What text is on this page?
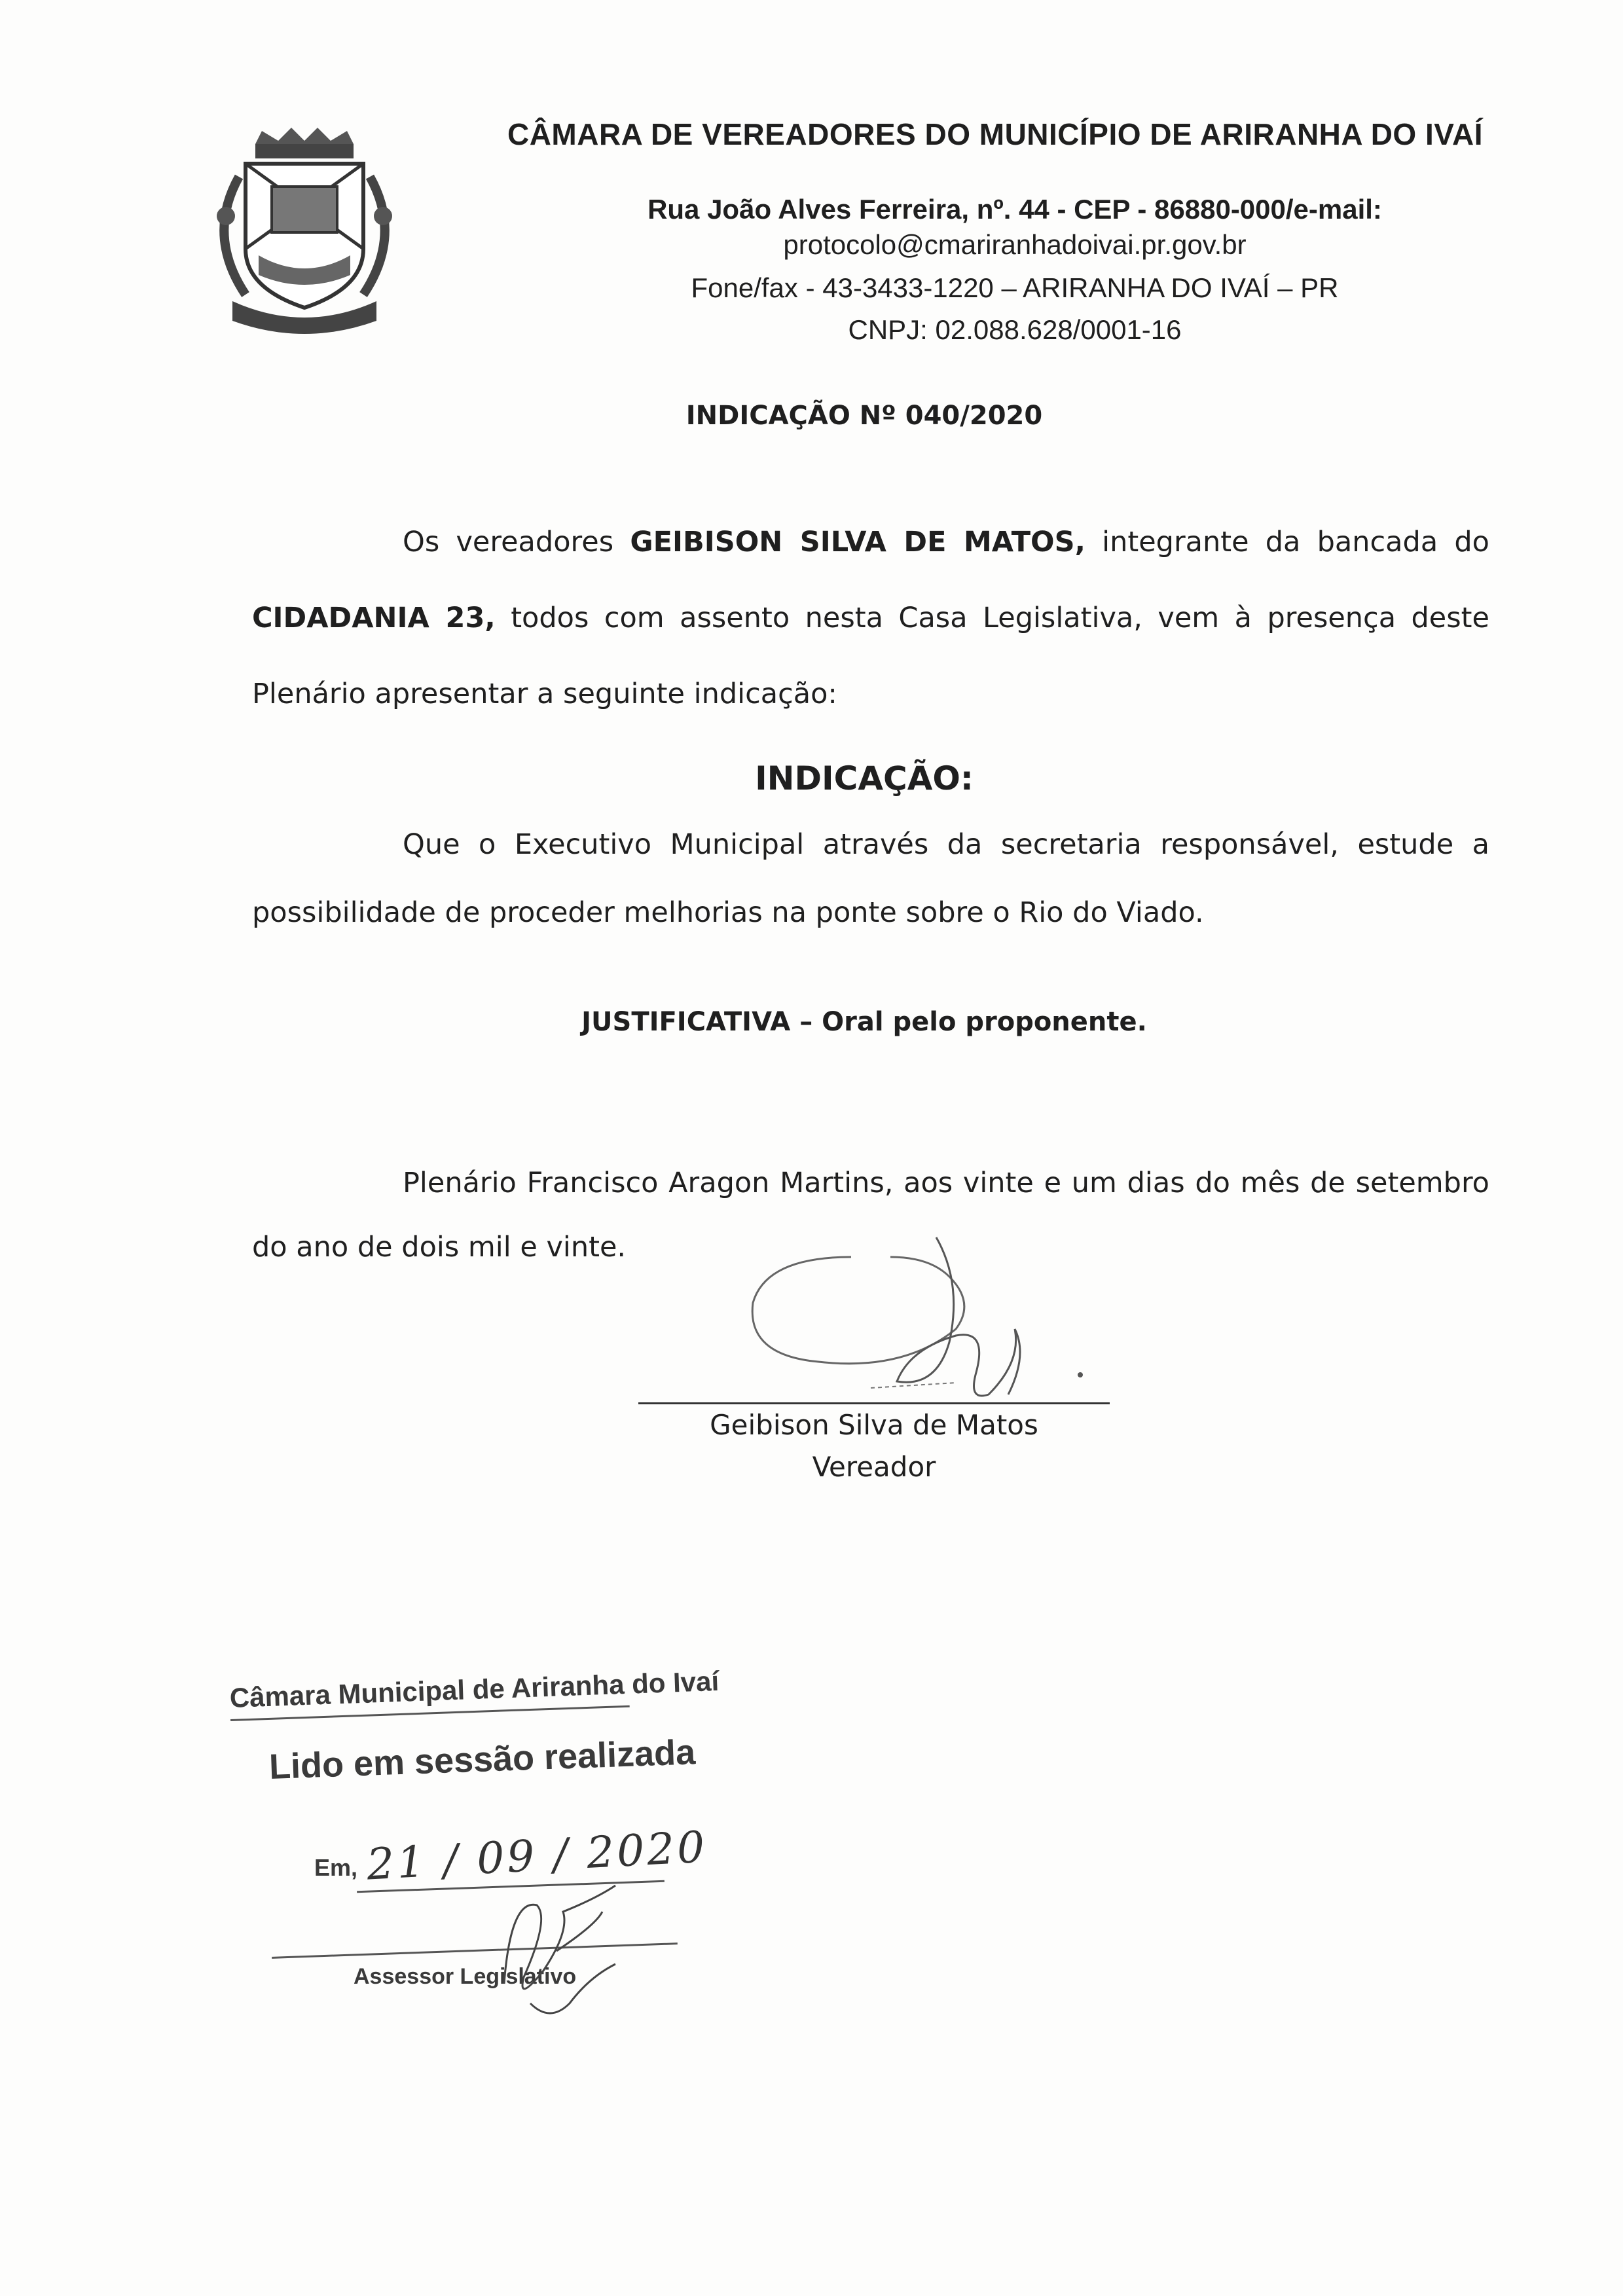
CÂMARA DE VEREADORES DO MUNICÍPIO DE ARIRANHA DO IVAÍ
Rua João Alves Ferreira, nº. 44 - CEP - 86880-000/e-mail:
protocolo@cmariranhadoivai.pr.gov.br
Fone/fax - 43-3433-1220 – ARIRANHA DO IVAÍ – PR
CNPJ: 02.088.628/0001-16
INDICAÇÃO Nº 040/2020
Os vereadores GEIBISON SILVA DE MATOS, integrante da bancada do CIDADANIA 23, todos com assento nesta Casa Legislativa, vem à presença deste Plenário apresentar a seguinte indicação:
INDICAÇÃO:
Que o Executivo Municipal através da secretaria responsável, estude a possibilidade de proceder melhorias na ponte sobre o Rio do Viado.
JUSTIFICATIVA – Oral pelo proponente.
Plenário Francisco Aragon Martins, aos vinte e um dias do mês de setembro do ano de dois mil e vinte.
Geibison Silva de Matos
Vereador
Câmara Municipal de Ariranha do Ivaí
Lido em sessão realizada
Em, 21 / 09 / 2020
Assessor Legislativo
